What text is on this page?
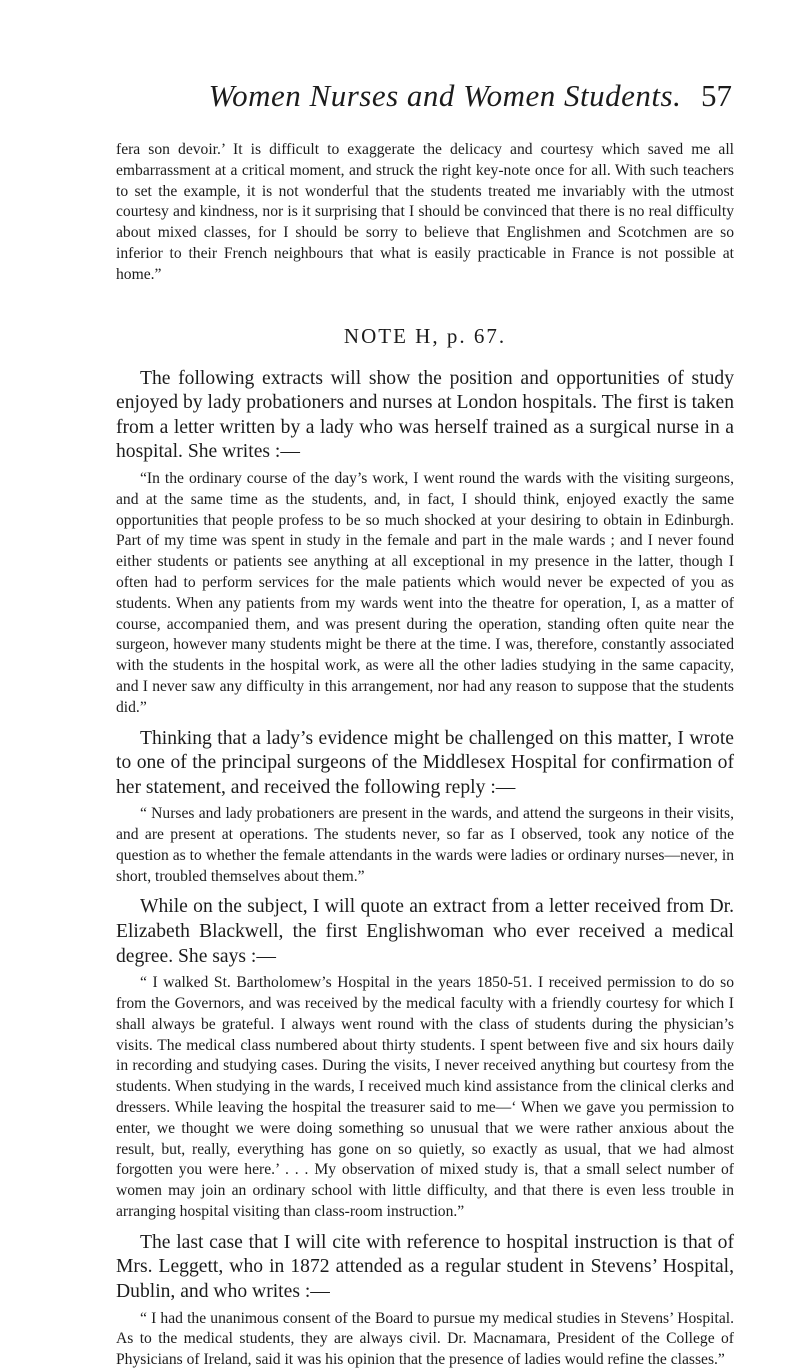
Women Nurses and Women Students. 57

fera son devoir.’ It is difficult to exaggerate the delicacy and courtesy which saved me all embarrassment at a critical moment, and struck the right key-note once for all. With such teachers to set the example, it is not wonderful that the students treated me invariably with the utmost courtesy and kindness, nor is it surprising that I should be convinced that there is no real difficulty about mixed classes, for I should be sorry to believe that Englishmen and Scotchmen are so inferior to their French neighbours that what is easily practicable in France is not possible at home.”

NOTE H, p. 67.

The following extracts will show the position and opportunities of study enjoyed by lady probationers and nurses at London hospitals. The first is taken from a letter written by a lady who was herself trained as a surgical nurse in a hospital. She writes :—

“In the ordinary course of the day’s work, I went round the wards with the visiting surgeons, and at the same time as the students, and, in fact, I should think, enjoyed exactly the same opportunities that people profess to be so much shocked at your desiring to obtain in Edinburgh. Part of my time was spent in study in the female and part in the male wards ; and I never found either students or patients see anything at all exceptional in my presence in the latter, though I often had to perform services for the male patients which would never be expected of you as students. When any patients from my wards went into the theatre for operation, I, as a matter of course, accompanied them, and was present during the operation, standing often quite near the surgeon, however many students might be there at the time. I was, therefore, constantly associated with the students in the hospital work, as were all the other ladies studying in the same capacity, and I never saw any difficulty in this arrangement, nor had any reason to suppose that the students did.”

Thinking that a lady’s evidence might be challenged on this matter, I wrote to one of the principal surgeons of the Middlesex Hospital for confirmation of her statement, and received the following reply :—

“ Nurses and lady probationers are present in the wards, and attend the surgeons in their visits, and are present at operations. The students never, so far as I observed, took any notice of the question as to whether the female attendants in the wards were ladies or ordinary nurses—never, in short, troubled themselves about them.”

While on the subject, I will quote an extract from a letter received from Dr. Elizabeth Blackwell, the first Englishwoman who ever received a medical degree. She says :—

“ I walked St. Bartholomew’s Hospital in the years 1850-51. I received permission to do so from the Governors, and was received by the medical faculty with a friendly courtesy for which I shall always be grateful. I always went round with the class of students during the physician’s visits. The medical class numbered about thirty students. I spent between five and six hours daily in recording and studying cases. During the visits, I never received anything but courtesy from the students. When studying in the wards, I received much kind assistance from the clinical clerks and dressers. While leaving the hospital the treasurer said to me—‘ When we gave you permission to enter, we thought we were doing something so unusual that we were rather anxious about the result, but, really, everything has gone on so quietly, so exactly as usual, that we had almost forgotten you were here.’ . . . My observation of mixed study is, that a small select number of women may join an ordinary school with little difficulty, and that there is even less trouble in arranging hospital visiting than class-room instruction.”

The last case that I will cite with reference to hospital instruction is that of Mrs. Leggett, who in 1872 attended as a regular student in Stevens’ Hospital, Dublin, and who writes :—

“ I had the unanimous consent of the Board to pursue my medical studies in Stevens’ Hospital. As to the medical students, they are always civil. Dr. Macnamara, President of the College of Physicians of Ireland, said it was his opinion that the presence of ladies would refine the classes.”
